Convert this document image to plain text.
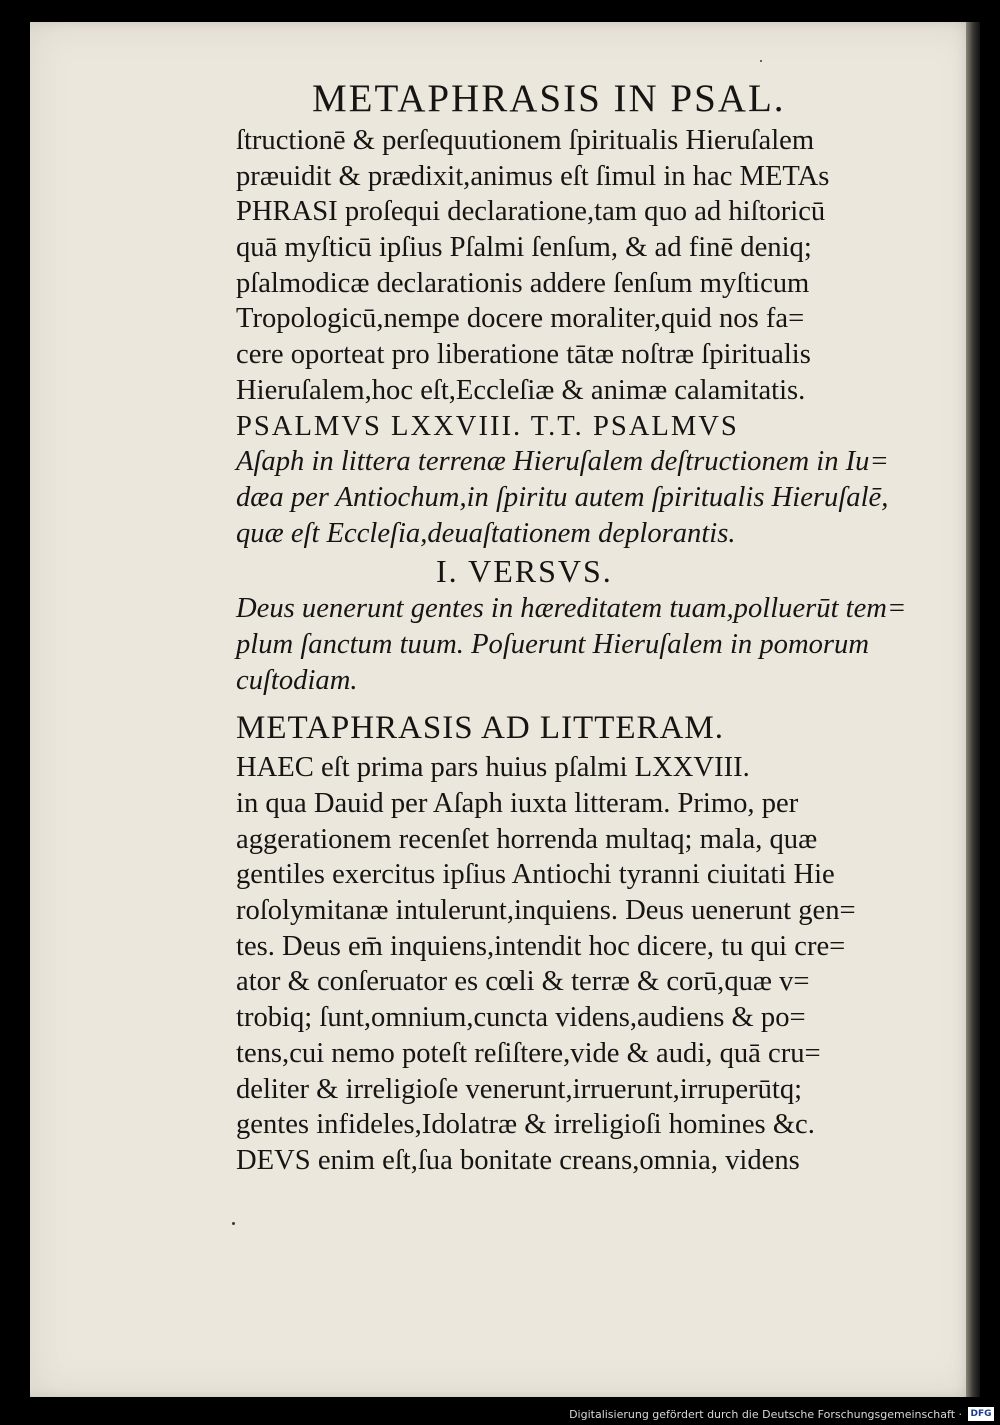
METAPHRASIS IN PSAL.
ſtructionē & perſequutionem ſpiritualis Hieruſalem
præuidit & prædixit,animus eſt ſimul in hac METAs
PHRASI proſequi declaratione,tam quo ad hiſtoricū
quā myſticū ipſius Pſalmi ſenſum, & ad finē deniq;
pſalmodicæ declarationis addere ſenſum myſticum
Tropologicū,nempe docere moraliter,quid nos fa=
cere oporteat pro liberatione tātæ noſtræ ſpiritualis
Hieruſalem,hoc eſt,Eccleſiæ & animæ calamitatis.
PSALMVS LXXVIII. T.T. PSALMVS
Aſaph in littera terrenæ Hieruſalem deſtructionem in Iu=
dæa per Antiochum,in ſpiritu autem ſpiritualis Hieruſalē,
quæ eſt Eccleſia,deuaſtationem deplorantis.
I. VERSVS.
Deus uenerunt gentes in hæreditatem tuam,polluerūt tem=
plum ſanctum tuum. Poſuerunt Hieruſalem in pomorum
cuſtodiam.
METAPHRASIS AD LITTERAM.
HAEC eſt prima pars huius pſalmi LXXVIII.
in qua Dauid per Aſaph iuxta litteram. Primo, per
aggerationem recenſet horrenda multaq; mala, quæ
gentiles exercitus ipſius Antiochi tyranni ciuitati Hie
roſolymitanæ intulerunt,inquiens. Deus uenerunt gen=
tes. Deus em̄ inquiens,intendit hoc dicere, tu qui cre=
ator & conſeruator es cœli & terræ & corū,quæ v=
trobiq; ſunt,omnium,cuncta videns,audiens & po=
tens,cui nemo poteſt reſiſtere,vide & audi, quā cru=
deliter & irreligioſe venerunt,irruerunt,irruperūtq;
gentes infideles,Idolatræ & irreligioſi homines &c.
DEVS enim eſt,ſua bonitate creans,omnia, videns
Digitalisierung gefördert durch die Deutsche Forschungsgemeinschaft · DFG
